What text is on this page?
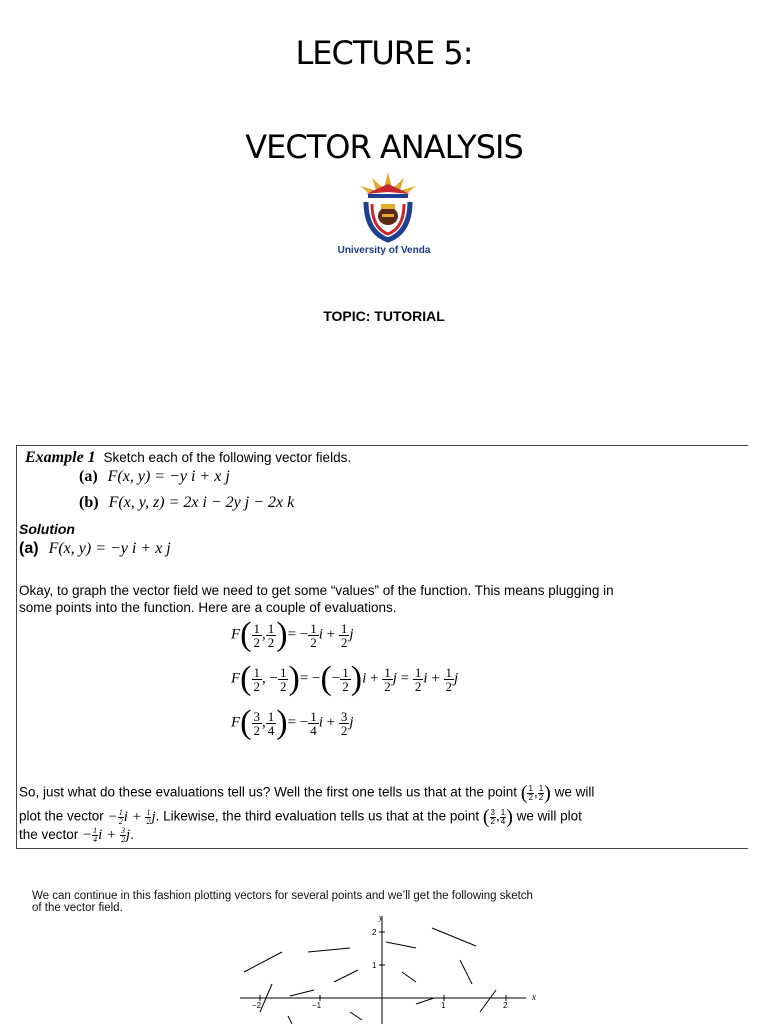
LECTURE 5:
VECTOR ANALYSIS
University of Venda
TOPIC: TUTORIAL
Example 1 Sketch each of the following vector fields.
(a) F(x, y) = −y i + x j
(b) F(x, y, z) = 2x i − 2y j − 2x k
Solution
(a) F(x, y) = −y i + x j
Okay, to graph the vector field we need to get some “values” of the function. This means plugging in
some points into the function. Here are a couple of evaluations.
$F( \frac{1}{2}$ , $\frac{1}{2}$ )= − $\frac{1}{2}$ $i + \frac{1}{2}$ j
$F( \frac{1}{2}$ , − $\frac{1}{2}$ )= −(− $\frac{1}{2} )i + \frac{1}{2}$ $j = \frac{1}{2}$ $i + \frac{1}{2}$ j
$F( \frac{3}{2}$ , $\frac{1}{4}$ )= − $\frac{1}{4}$ $i + \frac{3}{2}$ j
So, just what do these evaluations tell us? Well the first one tells us that at the point ( $\frac{1}{2}$ , $\frac{1}{2}$ ) we will
plot the vector − $\frac{1}{2}$ $i + \frac{1}{2} j$. Likewise, the third evaluation tells us that at the point ( $\frac{3}{2}$ , $\frac{1}{4}$ ) we will plot
the vector − $\frac{1}{4}$ $i + \frac{3}{2} j$.
We can continue in this fashion plotting vectors for several points and we’ll get the following sketch
of the vector field.
−2	−1	1	2
2
1
x
y
